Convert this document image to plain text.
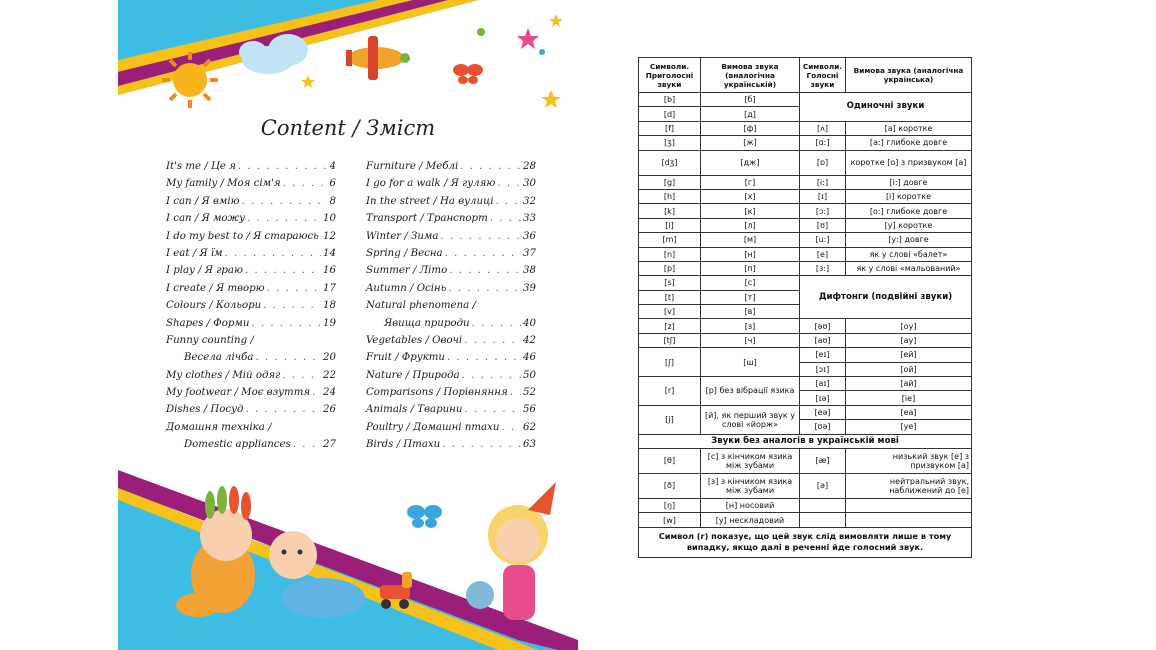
Content / Зміст
It's me / Це я . . .	4
My family / Моя сім'я . . .	6
I can / Я вмію . . .	8
I can / Я можу . . .	10
I do my best to / Я стараюсь . . . 12
I eat / Я їм . . .	14
I play / Я граю . . .	16
I create / Я творю . . .	17
Colours / Кольори . . .	18
Shapes / Форми . . .	19
Funny counting /
Весела лічба . . .	20
My clothes / Мій одяг . . .	22
My footwear / Моє взуття . . . 24
Dishes / Посуд . . .	26
Домашня техніка /
Domestic appliances . . .	27
Furniture / Меблі . . .	28
I go for a walk / Я гуляю . . .	30
In the street / На вулиці . . .	32
Transport / Транспорт . . .	33
Winter / Зима . . .	36
Spring / Весна . . .	37
Summer / Літо . . .	38
Autumn / Осінь . . .	39
Natural phenomena /
Явища природи . . .	40
Vegetables / Овочі . . .	42
Fruit / Фрукти . . .	46
Nature / Природа . . .	50
Comparisons / Порівняння . . . 52
Animals / Тварини . . .	56
Poultry / Домашні птахи . . . 62
Birds / Птахи . . .	63
Символи. Приголосні звуки	Вимова звука (аналогічна українській)	Символи. Голосні звуки	Вимова звука (аналогічна українська)
[b]	[б]	Одиночні звуки	
[d]	[д]		
[f]	[ф]	[ʌ]	[а] коротке
[ʒ]	[ж]	[ɑ:]	[а:] глибоке довге
[dʒ]	[дж]	[ɒ]	коротке [о] з призвуком [а]
[g]	[г]	[i:]	[і:] довге
[h]	[х]	[ɪ]	[і] коротке
[k]	[к]	[ɔ:]	[о:] глибоке довге
[l]	[л]	[ʊ]	[у] коротке
[m]	[м]	[u:]	[у:] довге
[n]	[н]	[e]	як у слові «балет»
[p]	[п]	[ɜ:]	як у слові «мальований»
[s]	[с]	Дифтонги (подвійні звуки)	
[t]	[т]		
[v]	[в]		
[z]	[з]	[əʊ]	[оу]
[tʃ]	[ч]	[aʊ]	[ау]
[ʃ]	[ш]	[eɪ]	[ей]
		[ɔɪ]	[ой]
[r]	[р] без вібрації язика	[aɪ]	[ай]
		[ɪə]	[іе]
[j]	[й], як перший звук у слові «йорж»	[eə]	[еа]
		[ʊə]	[уе]
Звуки без аналогів в українській мові			
[θ]	[с] з кінчиком язика між зубами	[æ]	низький звук [е] з призвуком [а]
[ð]	[з] з кінчиком язика між зубами	[ə]	нейтральний звук, наближений до [е]
[ŋ]	[н] носовий		
[w]	[у] нескладовий		
Символ (r) показує, що цей звук слід вимовляти лише в тому випадку, якщо далі в реченні йде голосний звук.			
